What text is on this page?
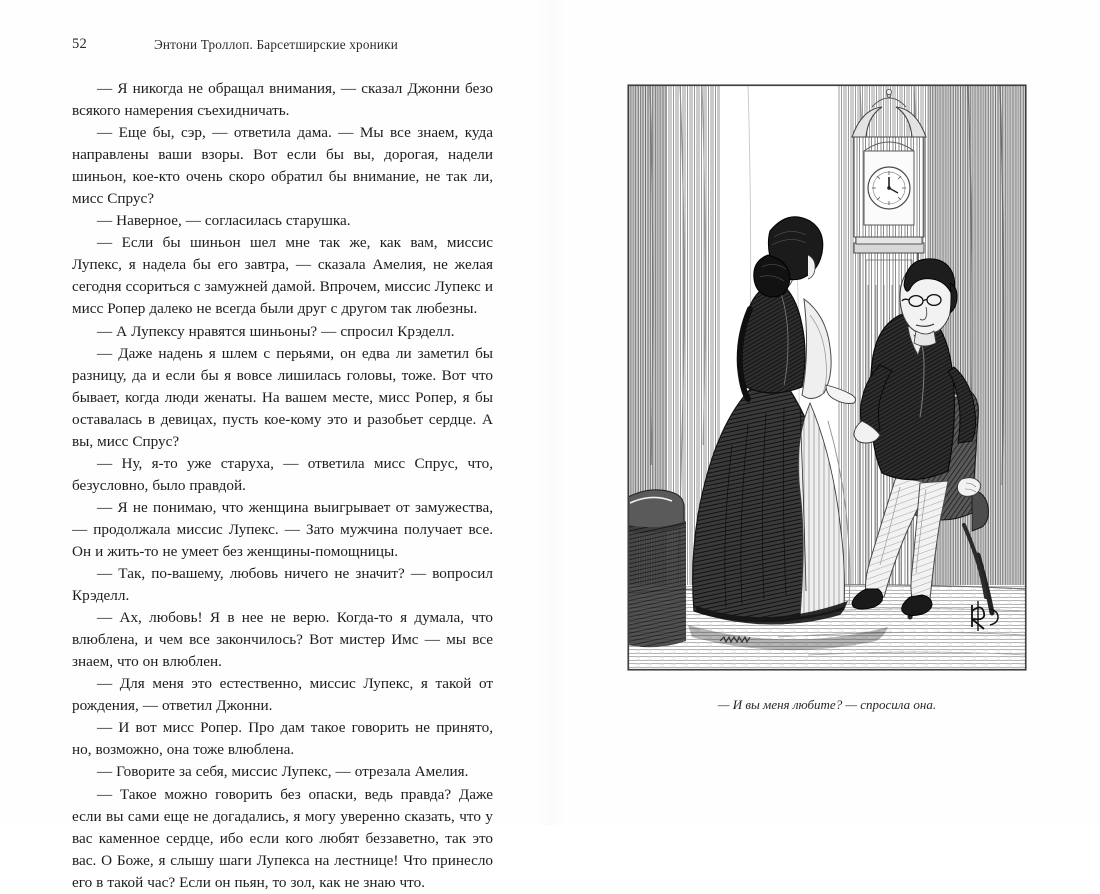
52	Энтони Троллоп. Барсетширские хроники

— Я никогда не обращал внимания, — сказал Джонни безо всякого намерения съехидничать.

— Еще бы, сэр, — ответила дама. — Мы все знаем, куда направлены ваши взоры. Вот если бы вы, дорогая, надели шиньон, кое-кто очень скоро обратил бы внимание, не так ли, мисс Спрус?

— Наверное, — согласилась старушка.

— Если бы шиньон шел мне так же, как вам, миссис Лупекс, я надела бы его завтра, — сказала Амелия, не желая сегодня ссориться с замужней дамой. Впрочем, миссис Лупекс и мисс Ропер далеко не всегда были друг с другом так любезны.

— А Лупексу нравятся шиньоны? — спросил Крэделл.

— Даже надень я шлем с перьями, он едва ли заметил бы разницу, да и если бы я вовсе лишилась головы, тоже. Вот что бывает, когда люди женаты. На вашем месте, мисс Ропер, я бы оставалась в девицах, пусть кое-кому это и разобьет сердце. А вы, мисс Спрус?

— Ну, я-то уже старуха, — ответила мисс Спрус, что, безусловно, было правдой.

— Я не понимаю, что женщина выигрывает от замужества, — продолжала миссис Лупекс. — Зато мужчина получает все. Он и жить-то не умеет без женщины-помощницы.

— Так, по-вашему, любовь ничего не значит? — вопросил Крэделл.

— Ах, любовь! Я в нее не верю. Когда-то я думала, что влюблена, и чем все закончилось? Вот мистер Имс — мы все знаем, что он влюблен.

— Для меня это естественно, миссис Лупекс, я такой от рождения, — ответил Джонни.

— И вот мисс Ропер. Про дам такое говорить не принято, но, возможно, она тоже влюблена.

— Говорите за себя, миссис Лупекс, — отрезала Амелия.

— Такое можно говорить без опаски, ведь правда? Даже если вы сами еще не догадались, я могу уверенно сказать, что у вас каменное сердце, ибо если кого любят беззаветно, так это вас. О Боже, я слышу шаги Лупекса на лестнице! Что принесло его в такой час? Если он пьян, то зол, как не знаю что.

— И вы меня любите? — спросила она.
